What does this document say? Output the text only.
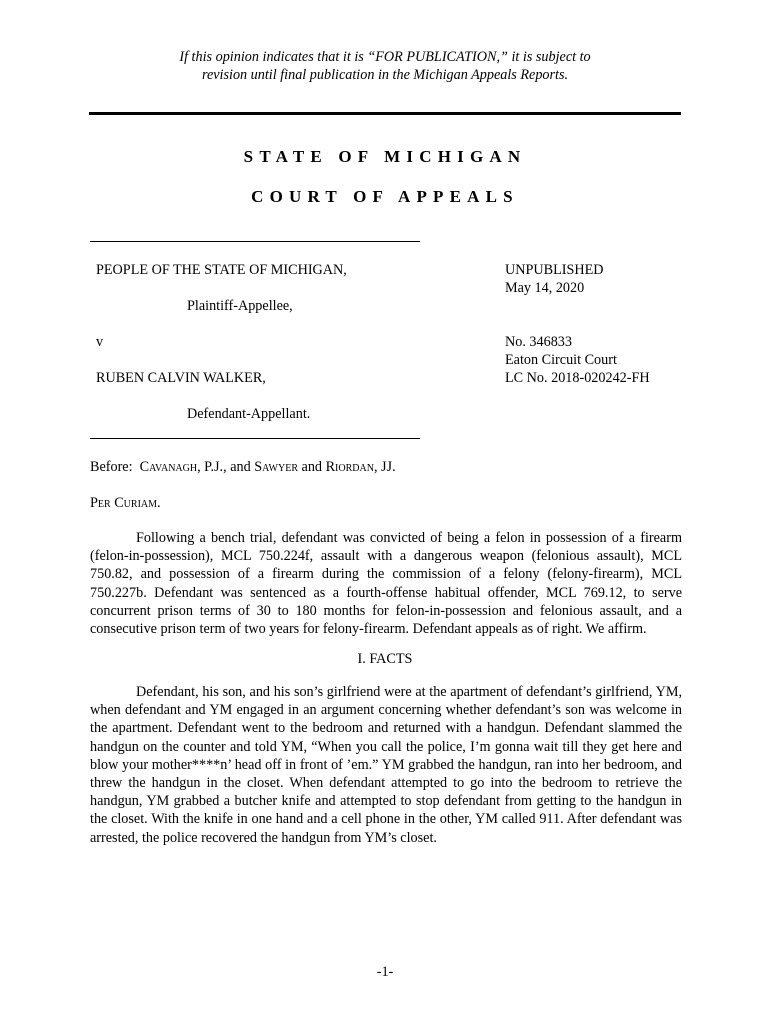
If this opinion indicates that it is “FOR PUBLICATION,” it is subject to
revision until final publication in the Michigan Appeals Reports.
STATE OF MICHIGAN
COURT OF APPEALS
PEOPLE OF THE STATE OF MICHIGAN,
Plaintiff-Appellee,
v
RUBEN CALVIN WALKER,
Defendant-Appellant.
UNPUBLISHED
May 14, 2020
No. 346833
Eaton Circuit Court
LC No. 2018-020242-FH
Before:  Cavanagh, P.J., and Sawyer and Riordan, JJ.
Per Curiam.
Following a bench trial, defendant was convicted of being a felon in possession of a firearm (felon-in-possession), MCL 750.224f, assault with a dangerous weapon (felonious assault), MCL 750.82, and possession of a firearm during the commission of a felony (felony-firearm), MCL 750.227b. Defendant was sentenced as a fourth-offense habitual offender, MCL 769.12, to serve concurrent prison terms of 30 to 180 months for felon-in-possession and felonious assault, and a consecutive prison term of two years for felony-firearm. Defendant appeals as of right. We affirm.
I. FACTS
Defendant, his son, and his son’s girlfriend were at the apartment of defendant’s girlfriend, YM, when defendant and YM engaged in an argument concerning whether defendant’s son was welcome in the apartment. Defendant went to the bedroom and returned with a handgun. Defendant slammed the handgun on the counter and told YM, “When you call the police, I’m gonna wait till they get here and blow your mother****n’ head off in front of ’em.” YM grabbed the handgun, ran into her bedroom, and threw the handgun in the closet. When defendant attempted to go into the bedroom to retrieve the handgun, YM grabbed a butcher knife and attempted to stop defendant from getting to the handgun in the closet. With the knife in one hand and a cell phone in the other, YM called 911. After defendant was arrested, the police recovered the handgun from YM’s closet.
-1-
